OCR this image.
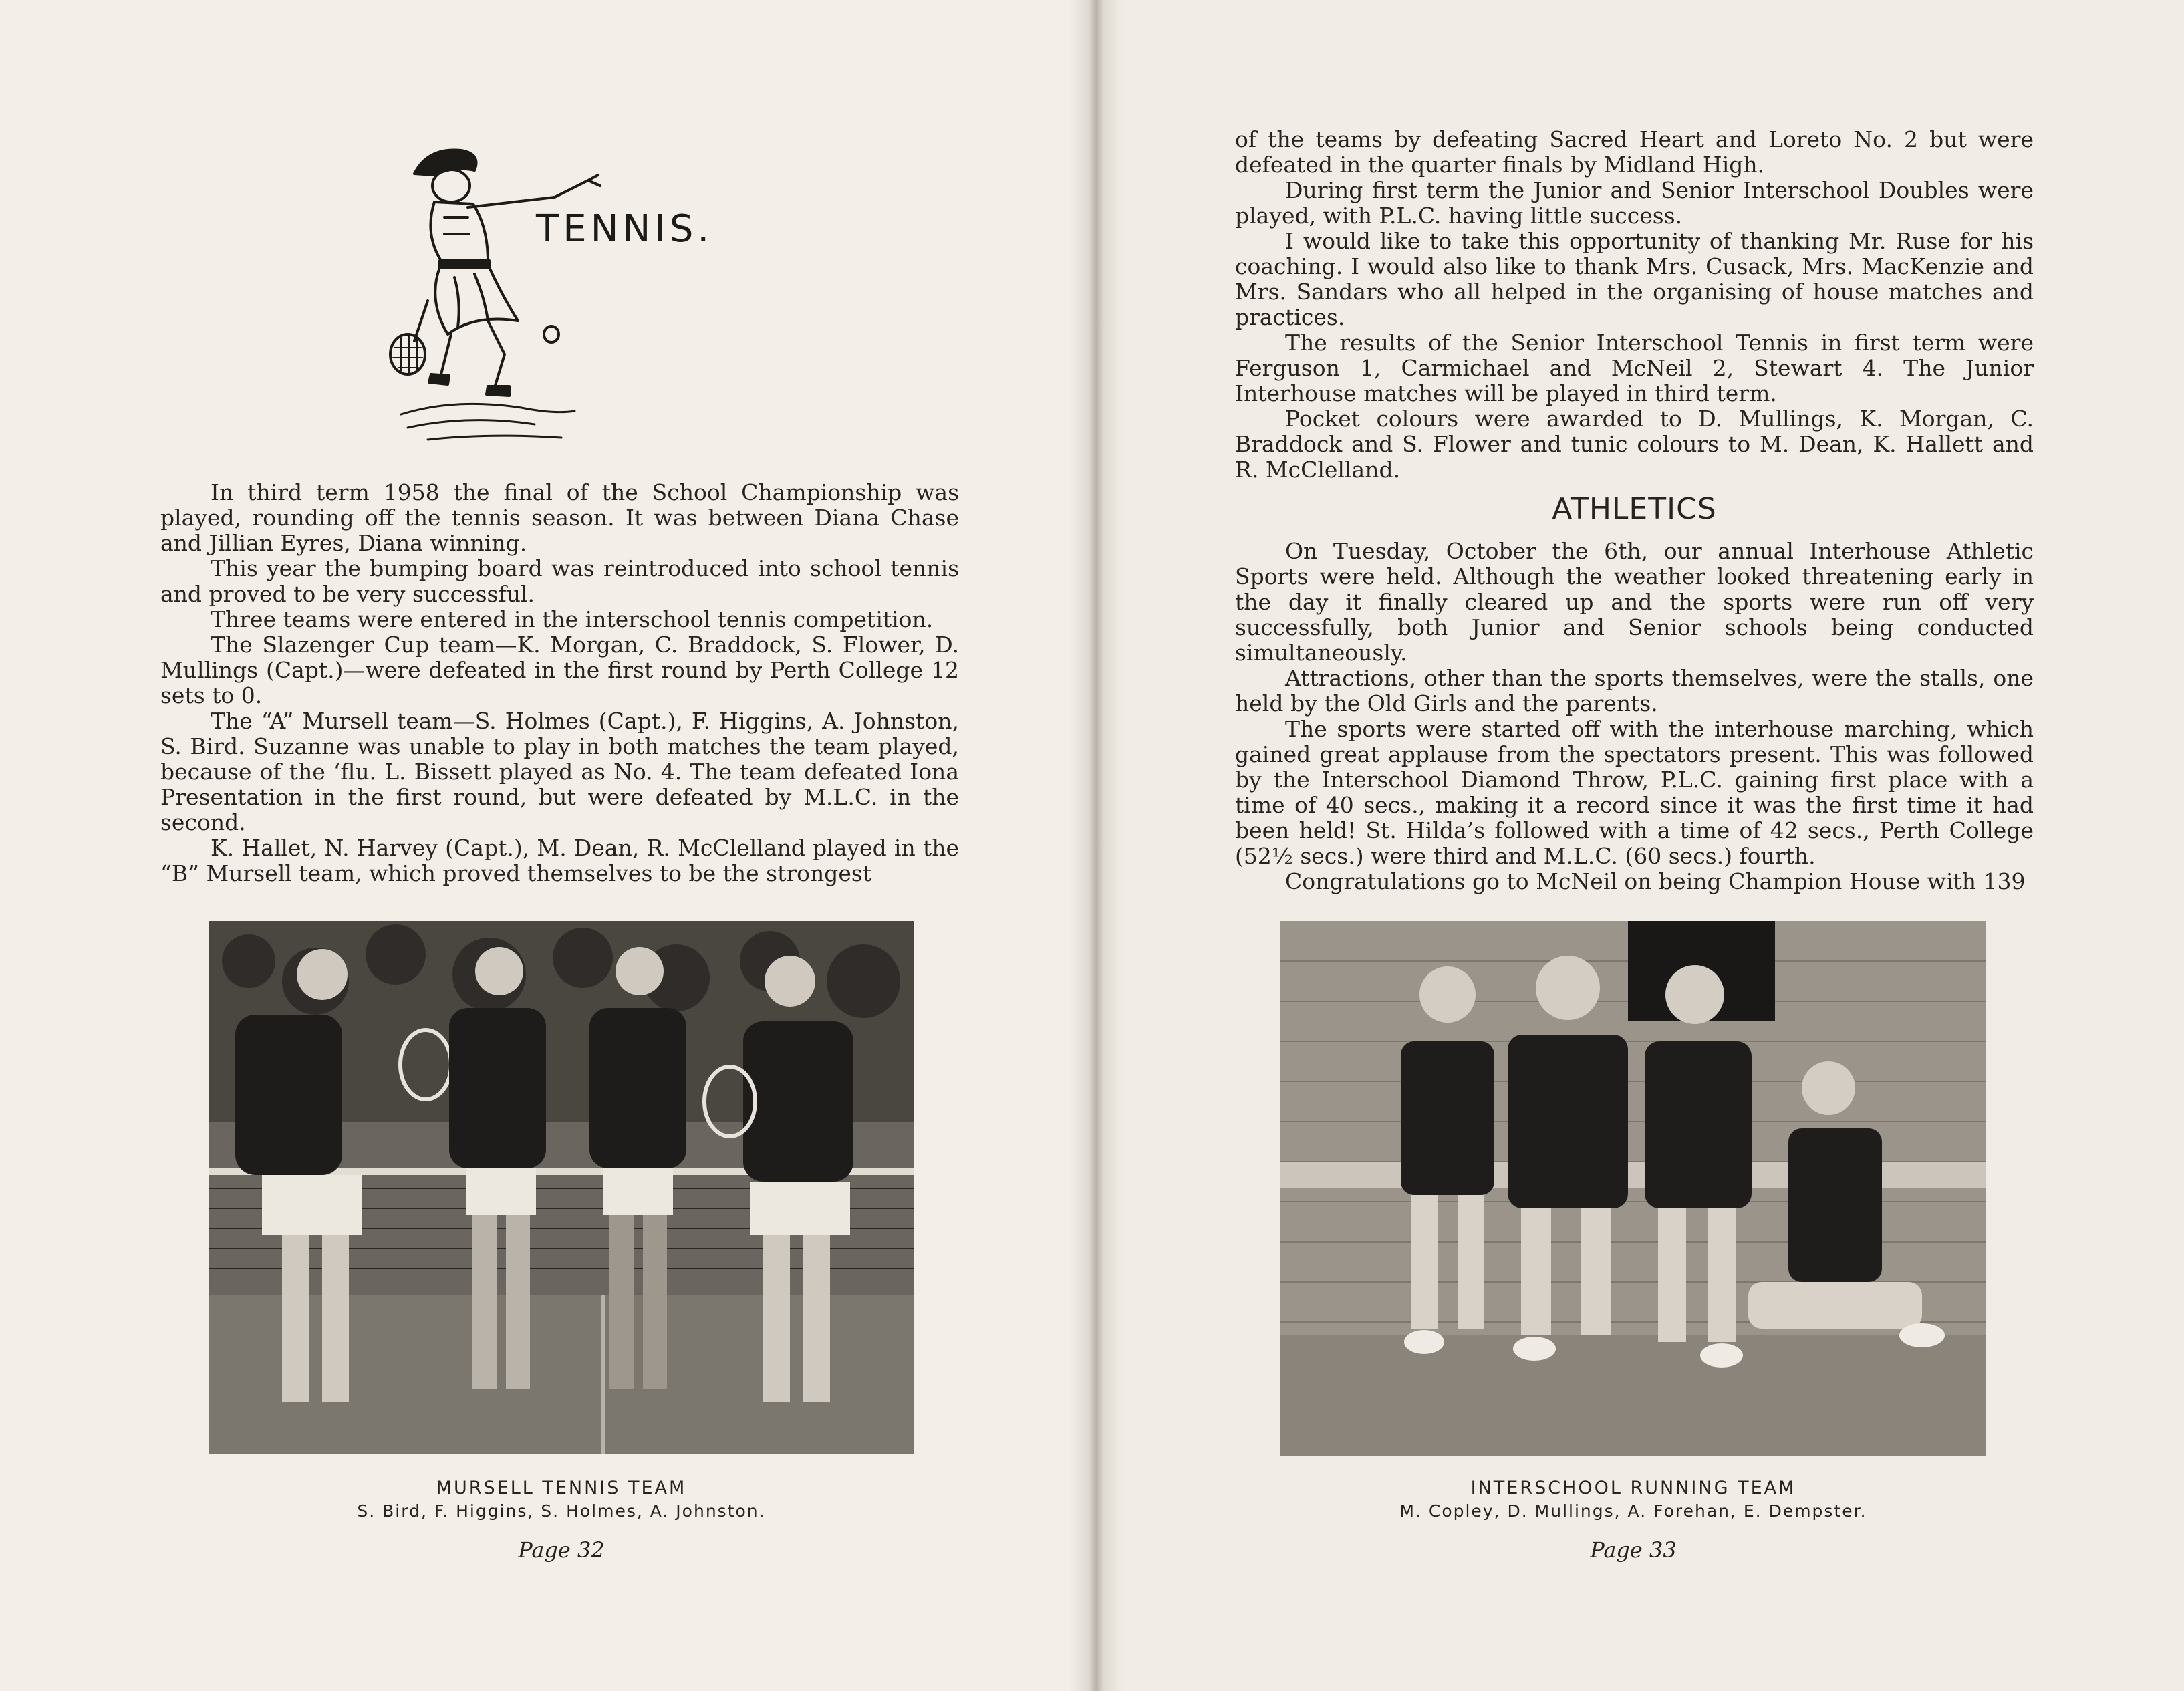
TENNIS.

In third term 1958 the final of the School Championship was played, rounding off the tennis season. It was between Diana Chase and Jillian Eyres, Diana winning.

This year the bumping board was reintroduced into school tennis and proved to be very successful.

Three teams were entered in the interschool tennis competition.

The Slazenger Cup team—K. Morgan, C. Braddock, S. Flower, D. Mullings (Capt.)—were defeated in the first round by Perth College 12 sets to 0.

The “A” Mursell team—S. Holmes (Capt.), F. Higgins, A. Johnston, S. Bird. Suzanne was unable to play in both matches the team played, because of the ‘flu. L. Bissett played as No. 4. The team defeated Iona Presentation in the first round, but were defeated by M.L.C. in the second.

K. Hallet, N. Harvey (Capt.), M. Dean, R. McClelland played in the “B” Mursell team, which proved themselves to be the strongest

MURSELL TENNIS TEAM
S. Bird, F. Higgins, S. Holmes, A. Johnston.
Page 32

of the teams by defeating Sacred Heart and Loreto No. 2 but were defeated in the quarter finals by Midland High.

During first term the Junior and Senior Interschool Doubles were played, with P.L.C. having little success.

I would like to take this opportunity of thanking Mr. Ruse for his coaching. I would also like to thank Mrs. Cusack, Mrs. MacKenzie and Mrs. Sandars who all helped in the organising of house matches and practices.

The results of the Senior Interschool Tennis in first term were Ferguson 1, Carmichael and McNeil 2, Stewart 4. The Junior Interhouse matches will be played in third term.

Pocket colours were awarded to D. Mullings, K. Morgan, C. Braddock and S. Flower and tunic colours to M. Dean, K. Hallett and R. McClelland.

ATHLETICS

On Tuesday, October the 6th, our annual Interhouse Athletic Sports were held. Although the weather looked threatening early in the day it finally cleared up and the sports were run off very successfully, both Junior and Senior schools being conducted simultaneously.

Attractions, other than the sports themselves, were the stalls, one held by the Old Girls and the parents.

The sports were started off with the interhouse marching, which gained great applause from the spectators present. This was followed by the Interschool Diamond Throw, P.L.C. gaining first place with a time of 40 secs., making it a record since it was the first time it had been held! St. Hilda’s followed with a time of 42 secs., Perth College (52½ secs.) were third and M.L.C. (60 secs.) fourth.

Congratulations go to McNeil on being Champion House with 139

INTERSCHOOL RUNNING TEAM
M. Copley, D. Mullings, A. Forehan, E. Dempster.
Page 33
